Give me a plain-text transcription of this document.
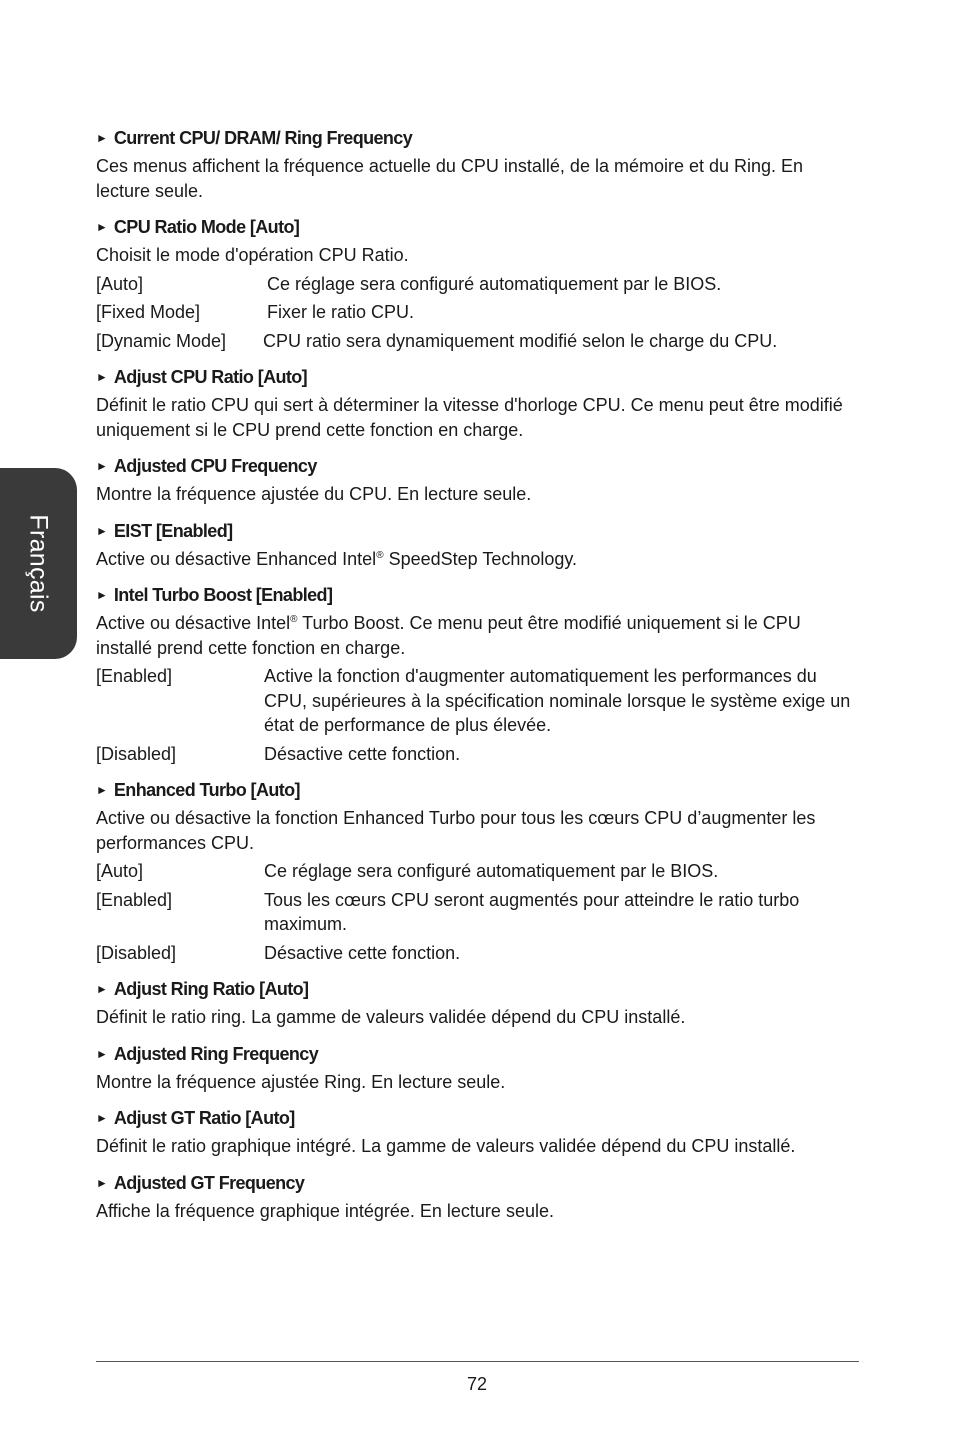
Français
► Current CPU/ DRAM/ Ring Frequency

Ces menus affichent la fréquence actuelle du CPU installé, de la mémoire et du Ring. En lecture seule.

► CPU Ratio Mode [Auto]

Choisit le mode d'opération CPU Ratio.

[Auto]	Ce réglage sera configuré automatiquement par le BIOS.
[Fixed Mode]	Fixer le ratio CPU.
[Dynamic Mode]	CPU ratio sera dynamiquement modifié selon le charge du CPU.
► Adjust CPU Ratio [Auto]

Définit le ratio CPU qui sert à déterminer la vitesse d'horloge CPU. Ce menu peut être modifié uniquement si le CPU prend cette fonction en charge.

► Adjusted CPU Frequency

Montre la fréquence ajustée du CPU. En lecture seule.

► EIST [Enabled]

Active ou désactive Enhanced Intel® SpeedStep Technology.

► Intel Turbo Boost [Enabled]

Active ou désactive Intel® Turbo Boost. Ce menu peut être modifié uniquement si le CPU installé prend cette fonction en charge.

[Enabled]	Active la fonction d'augmenter automatiquement les performances du CPU, supérieures à la spécification nominale lorsque le système exige un état de performance de plus élevée.
[Disabled]	Désactive cette fonction.
► Enhanced Turbo [Auto]

Active ou désactive la fonction Enhanced Turbo pour tous les cœurs CPU d’augmenter les performances CPU.

[Auto]	Ce réglage sera configuré automatiquement par le BIOS.
[Enabled]	Tous les cœurs CPU seront augmentés pour atteindre le ratio turbo maximum.
[Disabled]	Désactive cette fonction.
► Adjust Ring Ratio [Auto]

Définit le ratio ring. La gamme de valeurs validée dépend du CPU installé.

► Adjusted Ring Frequency

Montre la fréquence ajustée Ring. En lecture seule.

► Adjust GT Ratio [Auto]

Définit le ratio graphique intégré. La gamme de valeurs validée dépend du CPU installé.

► Adjusted GT Frequency

Affiche la fréquence graphique intégrée. En lecture seule.

72
